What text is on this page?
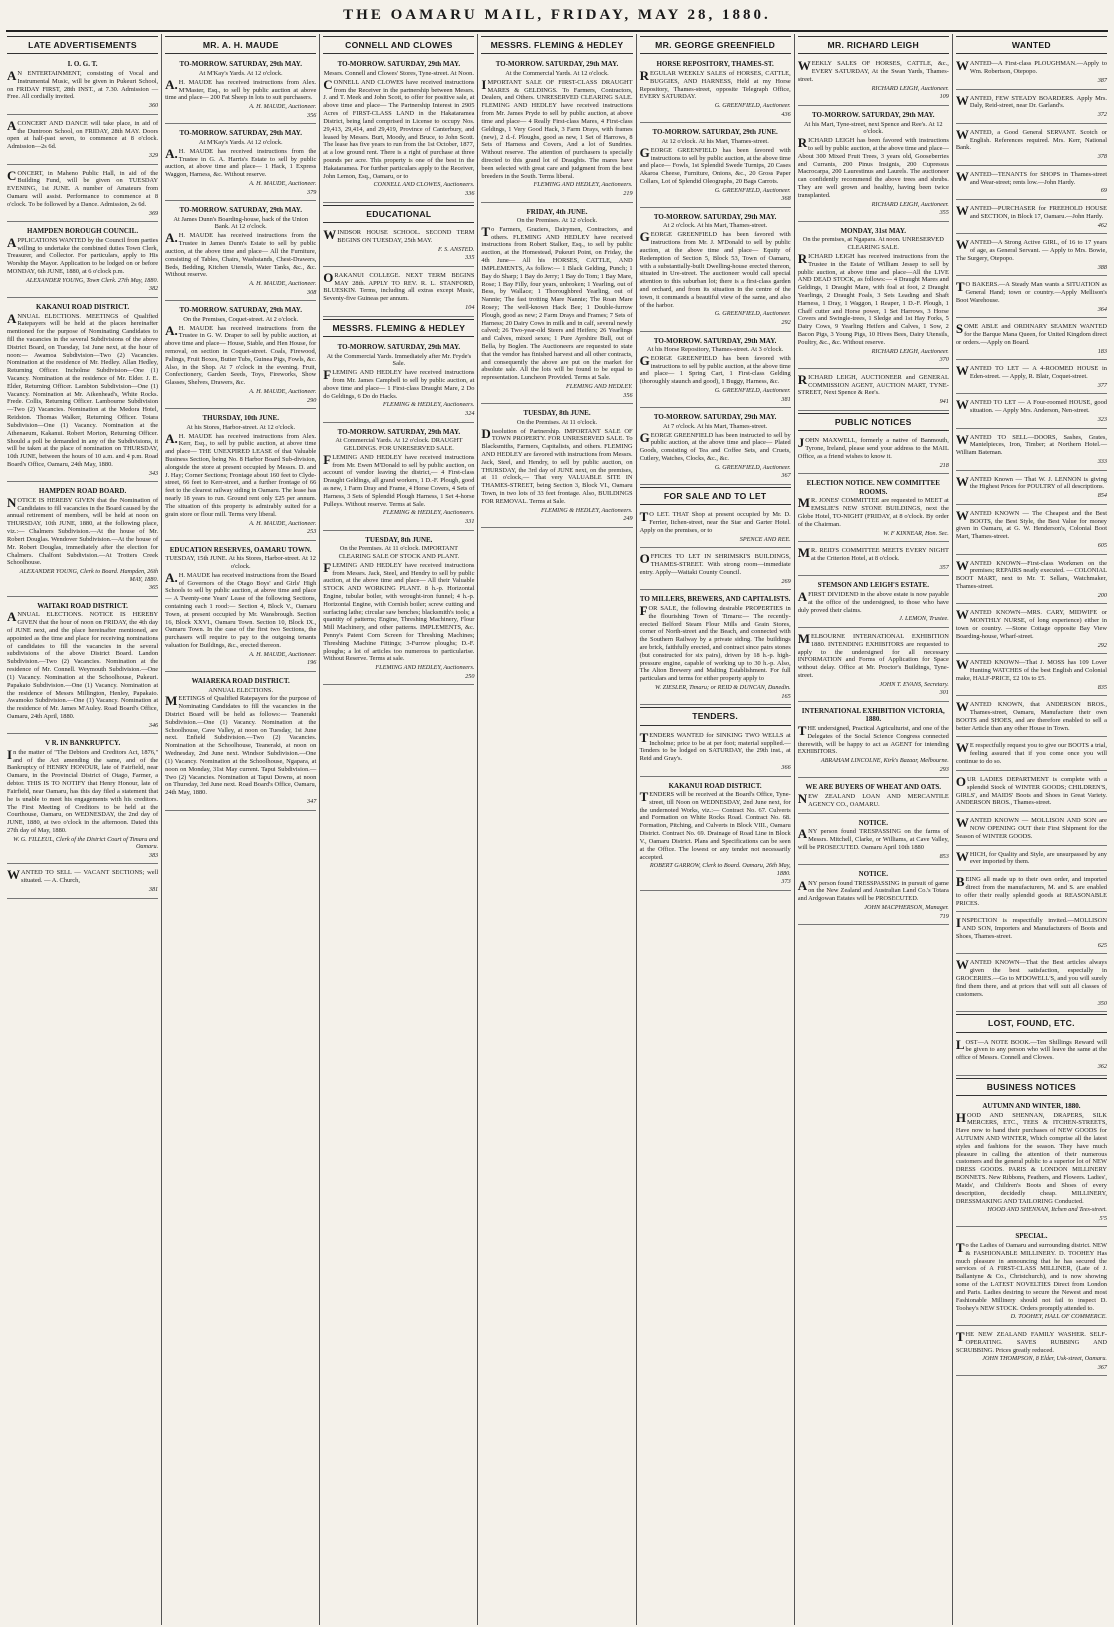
THE OAMARU MAIL, FRIDAY, MAY 28, 1880.
LATE ADVERTISEMENTS
I. O. G. T.
AN ENTERTAINMENT, consisting of Vocal and Instrumental Music, will be given in Pukeuri School, on FRIDAY FIRST, 28th INST., at 7.30. Admission — Free. All cordially invited.
360
ACONCERT AND DANCE will take place, in aid of the Duntroon School, on FRIDAY, 28th MAY. Doors open at half-past seven, to commence at 8 o'clock. Admission—2s 6d.
329
CONCERT, in Maheno Public Hall, in aid of the Building Fund, will be given on TUESDAY EVENING, 1st JUNE. A number of Amateurs from Oamaru will assist. Performance to commence at 8 o'clock. To be followed by a Dance. Admission, 2s 6d.
369
HAMPDEN BOROUGH COUNCIL.
APPLICATIONS WANTED by the Council from parties willing to undertake the combined duties Town Clerk, Treasurer, and Collector. For particulars, apply to His Worship the Mayor. Application to be lodged on or before MONDAY, 6th JUNE, 1880, at 6 o'clock p.m.
ALEXANDER YOUNG, Town Clerk. 27th May, 1880.
382
KAKANUI ROAD DISTRICT.
ANNUAL ELECTIONS. MEETINGS of Qualified Ratepayers will be held at the places hereinafter mentioned for the purpose of Nominating Candidates to fill the vacancies in the several Subdivisions of the above District Board, on Tuesday, 1st June next, at the hour of noon:— Awamoa Subdivision—Two (2) Vacancies. Nomination at the residence of Mr. Hedley. Allan Hedley, Returning Officer. Incholme Subdivision—One (1) Vacancy. Nomination at the residence of Mr. Elder. J. E. Elder, Returning Officer. Lambton Subdivision—One (1) Vacancy. Nomination at Mr. Aikenhead's, White Rocks. Frede. Collis, Returning Officer. Lambourne Subdivision—Two (2) Vacancies. Nomination at the Medora Hotel, Reidston. Thomas Walker, Returning Officer. Totara Subdivision—One (1) Vacancy. Nomination at the Athenaeum, Kakanui. Robert Morton, Returning Officer. Should a poll be demanded in any of the Subdivisions, it will be taken at the place of nomination on THURSDAY, 10th JUNE, between the hours of 10 a.m. and 4 p.m. Road Board's Office, Oamaru, 24th May, 1880.
343
HAMPDEN ROAD BOARD.
NOTICE IS HEREBY GIVEN that the Nomination of Candidates to fill vacancies in the Board caused by the annual retirement of members, will be held at noon on THURSDAY, 10th JUNE, 1880, at the following place, viz.:— Chalmers Subdivision.—At the house of Mr. Robert Douglas. Wendover Subdivision.—At the house of Mr. Robert Douglas, immediately after the election for Chalmers. Chalfont Subdivision.—At Trotters Creek Schoolhouse.
ALEXANDER YOUNG, Clerk to Board. Hampden, 26th MAY, 1880.
365
WAITAKI ROAD DISTRICT.
ANNUAL ELECTIONS. NOTICE IS HEREBY GIVEN that the hour of noon on FRIDAY, the 4th day of JUNE next, and the place hereinafter mentioned, are appointed as the time and place for receiving nominations of candidates to fill the vacancies in the several subdivisions of the above District Board. Landon Subdivision.—Two (2) Vacancies. Nomination at the residence of Mr. Connell. Weymouth Subdivision.—One (1) Vacancy. Nomination at the Schoolhouse, Pukeuri. Papakaio Subdivision.—One (1) Vacancy. Nomination at the residence of Messrs Millington, Henley, Papakaio. Awamoko Subdivision.—One (1) Vacancy. Nomination at the residence of Mr. James M'Auley. Road Board's Office, Oamaru, 24th April, 1880.
346
V R. IN BANKRUPTCY.
In the matter of "The Debtors and Creditors Act, 1876," and of the Act amending the same, and of the Bankruptcy of HENRY HONOUR, late of Fairfield, near Oamaru, in the Provincial District of Otago, Farmer, a debtor. THIS IS TO NOTIFY that Henry Honour, late of Fairfield, near Oamaru, has this day filed a statement that he is unable to meet his engagements with his creditors. The First Meeting of Creditors to be held at the Courthouse, Oamaru, on WEDNESDAY, the 2nd day of JUNE, 1880, at two o'clock in the afternoon. Dated this 27th day of May, 1880.
W. G. FILLEUL, Clerk of the District Court of Timaru and Oamaru.
383
WANTED TO SELL — VACANT SECTIONS; well situated. — A. Church,
381
MR. A. H. MAUDE
TO-MORROW. SATURDAY, 29th MAY.
At M'Kay's Yards. At 12 o'clock.
A.H. MAUDE has received instructions from Alex. M'Master, Esq., to sell by public auction at above time and place— 200 Fat Sheep in lots to suit purchasers.
A. H. MAUDE, Auctioneer.
356
TO-MORROW. SATURDAY, 29th MAY.
At M'Kay's Yards. At 12 o'clock.
A.H. MAUDE has received instructions from the Trustee in G. A. Harris's Estate to sell by public auction, at above time and place— 1 Hack, 1 Express Waggon, Harness, &c. Without reserve.
A. H. MAUDE, Auctioneer.
379
TO-MORROW. SATURDAY, 29th MAY.
At James Dunn's Boarding-house, back of the Union Bank. At 12 o'clock.
A.H. MAUDE has received instructions from the Trustee in James Dunn's Estate to sell by public auction, at the above time and place— All the Furniture, consisting of Tables, Chairs, Washstands, Chest-Drawers, Beds, Bedding, Kitchen Utensils, Water Tanks, &c., &c. Without reserve.
A. H. MAUDE, Auctioneer.
308
TO-MORROW. SATURDAY, 29th MAY.
On the Premises, Coquet-street. At 2 o'clock.
A.H. MAUDE has received instructions from the Trustee in G. W. Draper to sell by public auction, at above time and place— House, Stable, and Hen House, for removal, on section in Coquet-street. Coals, Firewood, Palings, Fruit Boxes, Butter Tubs, Guinea Pigs, Fowls, &c. Also, in the Shop. At 7 o'clock in the evening. Fruit, Confectionery, Garden Seeds, Toys, Fireworks, Show Glasses, Shelves, Drawers, &c.
A. H. MAUDE, Auctioneer.
290
THURSDAY, 10th JUNE.
At his Stores, Harbor-street. At 12 o'clock.
A.H. MAUDE has received instructions from Alex. Kerr, Esq., to sell by public auction, at above time and place— THE UNEXPIRED LEASE of that Valuable Business Section, being No. 8 Harbor Board Sub-division, alongside the store at present occupied by Messrs. D. and J. Hay; Corner Sections; Frontage about 160 feet to Clyde-street, 66 feet to Kerr-street, and a further frontage of 66 feet to the clearest railway siding in Oamaru. The lease has nearly 18 years to run. Ground rent only £25 per annum. The situation of this property is admirably suited for a grain store or flour mill. Terms very liberal.
A. H. MAUDE, Auctioneer.
253
EDUCATION RESERVES, OAMARU TOWN.
TUESDAY, 15th JUNE. At his Stores, Harbor-street. At 12 o'clock.
A.H. MAUDE has received instructions from the Board of Governors of the Otago Boys' and Girls' High Schools to sell by public auction, at above time and place— A Twenty-one Years' Lease of the following Sections, containing each 1 rood:— Section 4, Block V., Oamaru Town, at present occupied by Mr. Wansbrough. Section 16, Block XXVI., Oamaru Town. Section 10, Block IX., Oamaru Town. In the case of the first two Sections, the purchasers will require to pay to the outgoing tenants valuation for Buildings, &c., erected thereon.
A. H. MAUDE, Auctioneer.
196
WAIAREKA ROAD DISTRICT.
ANNUAL ELECTIONS.
MEETINGS of Qualified Ratepayers for the purpose of Nominating Candidates to fill the vacancies in the District Board will be held as follows:— Teaneraki Subdivision.—One (1) Vacancy. Nomination at the Schoolhouse, Cave Valley, at noon on Tuesday, 1st June next. Enfield Subdivision.—Two (2) Vacancies. Nomination at the Schoolhouse, Teaneraki, at noon on Wednesday, 2nd June next. Windsor Subdivision.—One (1) Vacancy. Nomination at the Schoolhouse, Ngapara, at noon on Monday, 31st May current. Tapui Subdivision.—Two (2) Vacancies. Nomination at Tapui Downs, at noon on Thursday, 3rd June next. Road Board's Office, Oamaru, 24th May, 1880.
347
CONNELL AND CLOWES
TO-MORROW. SATURDAY, 29th MAY.
Messrs. Connell and Clowes' Stores, Tyne-street. At Noon.
CONNELL AND CLOWES have received instructions from the Receiver in the partnership between Messrs. J. and T. Meek and John Scott, to offer for positive sale, at above time and place— The Partnership Interest in 2905 Acres of FIRST-CLASS LAND in the Hakataramea District, being land comprised in License to occupy Nos. 29,413, 29,414, and 29,419, Province of Canterbury, and leased by Messrs. Burt, Moody, and Bruce, to John Scott. The lease has five years to run from the 1st October, 1877, at a low ground rent. There is a right of purchase at three pounds per acre. This property is one of the best in the Hakataramea. For further particulars apply to the Receiver, John Lemon, Esq., Oamaru, or to
CONNELL AND CLOWES, Auctioneers.
336
EDUCATIONAL
WINDSOR HOUSE SCHOOL. SECOND TERM BEGINS ON TUESDAY, 25th MAY.
F. S. ANSTED.
335
ORAKANUI COLLEGE. NEXT TERM BEGINS MAY 28th. APPLY TO REV. R. L. STANFORD, BLUESKIN. Terms, including all extras except Music, Seventy-five Guineas per annum.
104
MESSRS. FLEMING & HEDLEY
TO-MORROW. SATURDAY, 29th MAY.
At the Commercial Yards. Immediately after Mr. Fryde's Sale.
FLEMING AND HEDLEY have received instructions from Mr. James Campbell to sell by public auction, at above time and place— 1 First-class Draught Mare, 2 Do do Geldings, 6 Do do Hacks.
FLEMING & HEDLEY, Auctioneers.
324
TO-MORROW. SATURDAY, 29th MAY.
At Commercial Yards. At 12 o'clock. DRAUGHT GELDINGS. FOR UNRESERVED SALE.
FLEMING AND HEDLEY have received instructions from Mr. Ewen M'Donald to sell by public auction, on account of vendor leaving the district,— 4 First-class Draught Geldings, all grand workers, 1 D.-F. Plough, good as new, 1 Farm Dray and Frame, 4 Horse Covers, 4 Sets of Harness, 3 Sets of Splendid Plough Harness, 1 Set 4-horse Pulleys. Without reserve. Terms at Sale.
FLEMING & HEDLEY, Auctioneers.
331
TUESDAY, 8th JUNE.
On the Premises. At 11 o'clock. IMPORTANT CLEARING SALE OF STOCK AND PLANT.
FLEMING AND HEDLEY have received instructions from Messrs. Jack, Steel, and Hendry to sell by public auction, at the above time and place— All their Valuable STOCK AND WORKING PLANT. 8 h.-p. Horizontal Engine, tubular boiler, with wrought-iron funnel; 4 h.-p. Horizontal Engine, with Cornish boiler; screw cutting and surfacing lathe; circular saw benches; blacksmith's tools; a quantity of patterns; Engine, Threshing Machinery, Flour Mill Machinery, and other patterns. IMPLEMENTS, &c. Penny's Patent Corn Screen for Threshing Machines; Threshing Machine Fittings; 3-Furrow ploughs; D.-F. ploughs; a lot of articles too numerous to particularise. Without Reserve. Terms at sale.
FLEMING AND HEDLEY, Auctioneers.
250
MESSRS. FLEMING & HEDLEY
TO-MORROW. SATURDAY, 29th MAY.
At the Commercial Yards. At 12 o'clock.
IMPORTANT SALE OF FIRST-CLASS DRAUGHT MARES & GELDINGS. To Farmers, Contractors, Dealers, and Others. UNRESERVED CLEARING SALE. FLEMING AND HEDLEY have received instructions from Mr. James Pryde to sell by public auction, at above time and place— 4 Really First-class Mares, 4 First-class Geldings, 1 Very Good Hack, 3 Farm Drays, with frames (new), 2 d.-f. Ploughs, good as new, 1 Set of Harrows, 8 Sets of Harness and Covers, And a lot of Sundries. Without reserve. The attention of purchasers is specially directed to this grand lot of Draughts. The mares have been selected with great care and judgment from the best breeders in the South. Terms liberal.
FLEMING AND HEDLEY, Auctioneers.
219
FRIDAY, 4th JUNE.
On the Premises. At 12 o'clock.
To Farmers, Graziers, Dairymen, Contractors, and others. FLEMING AND HEDLEY have received instructions from Robert Stalker, Esq., to sell by public auction, at the Homestead, Pukeuri Point, on Friday, the 4th June— All his HORSES, CATTLE, AND IMPLEMENTS, As follow:— 1 Black Gelding, Punch; 1 Bay do Sharp; 1 Bay do Jerry; 1 Bay do Tom; 1 Bay Mare, Rose; 1 Bay Filly, four years, unbroken; 1 Yearling, out of Bess, by Wallace; 1 Thoroughbred Yearling, out of Nannie; The fast trotting Mare Nannie; The Roan Mare Rosey; The well-known Hack Bee; 1 Double-furrow Plough, good as new; 2 Farm Drays and Frames; 7 Sets of Harness; 20 Dairy Cows in milk and in calf, several newly calved; 26 Two-year-old Steers and Heifers; 26 Yearlings and Calves, mixed sexes; 1 Pure Ayrshire Bull, out of Bella, by Boglen. The Auctioneers are requested to state that the vendor has finished harvest and all other contracts, and consequently the above are put on the market for absolute sale. All the lots will be found to be equal to representation. Luncheon Provided. Terms at Sale.
FLEMING AND HEDLEY.
356
TUESDAY, 8th JUNE.
On the Premises. At 11 o'clock.
Dissolution of Partnership. IMPORTANT SALE OF TOWN PROPERTY. FOR UNRESERVED SALE. To Blacksmiths, Farmers, Capitalists, and others. FLEMING AND HEDLEY are favored with instructions from Messrs. Jack, Steel, and Hendry, to sell by public auction, on THURSDAY, the 3rd day of JUNE next, on the premises, at 11 o'clock,— That very VALUABLE SITE IN THAMES-STREET, being Section 3, Block VI., Oamaru Town, in two lots of 33 feet frontage. Also, BUILDINGS FOR REMOVAL. Terms at Sale.
FLEMING & HEDLEY, Auctioneers.
249
MR. GEORGE GREENFIELD
HORSE REPOSITORY, THAMES-ST.
REGULAR WEEKLY SALES of HORSES, CATTLE, BUGGIES, AND HARNESS, Held at my Horse Repository, Thames-street, opposite Telegraph Office, EVERY SATURDAY.
G. GREENFIELD, Auctioneer.
436
TO-MORROW. SATURDAY, 29th JUNE.
At 12 o'clock. At his Mart, Thames-street.
GEORGE GREENFIELD has been favored with instructions to sell by public auction, at the above time and place— Fowls, 1st Splendid Swede Turnips, 20 Cases Akaroa Cheese, Furniture, Onions, &c., 20 Gross Paper Collars, Lot of Splendid Oleographs, 20 Bags Carrots.
G. GREENFIELD, Auctioneer.
368
TO-MORROW. SATURDAY, 29th MAY.
At 2 o'clock. At his Mart, Thames-street.
GEORGE GREENFIELD has been favored with instructions from Mr. J. M'Donald to sell by public auction, at the above time and place— Equity of Redemption of Section 5, Block 53, Town of Oamaru, with a substantially-built Dwelling-house erected thereon, situated in Ure-street. The auctioneer would call special attention to this suburban lot; there is a first-class garden and orchard, and from its situation in the centre of the town, it commands a beautiful view of the same, and also of the harbor.
G. GREENFIELD, Auctioneer.
292
TO-MORROW. SATURDAY, 29th MAY.
At his Horse Repository, Thames-street. At 3 o'clock.
GEORGE GREENFIELD has been favored with instructions to sell by public auction, at the above time and place— 1 Spring Cart, 1 First-class Gelding (thoroughly staunch and good), 1 Buggy, Harness, &c.
G. GREENFIELD, Auctioneer.
381
TO-MORROW. SATURDAY, 29th MAY.
At 7 o'clock. At his Mart, Thames-street.
GEORGE GREENFIELD has been instructed to sell by public auction, at the above time and place— Plated Goods, consisting of Tea and Coffee Sets, and Cruets, Cutlery, Watches, Clocks, &c., &c.
G. GREENFIELD, Auctioneer.
367
FOR SALE AND TO LET
TO LET. THAT Shop at present occupied by Mr. D. Ferrier, Itchen-street, near the Star and Garter Hotel. Apply on the premises, or to
SPENCE AND REE.
OFFICES TO LET IN SHRIMSKI'S BUILDINGS, THAMES-STREET. With strong room—immediate entry. Apply—Waitaki County Council.
269
TO MILLERS, BREWERS, AND CAPITALISTS.
FOR SALE, the following desirable PROPERTIES in the flourishing Town of Timaru:— The recently-erected Belford Steam Flour Mills and Grain Stores, corner of North-street and the Beach, and connected with the Southern Railway by a private siding. The buildings are brick, faithfully erected, and contract since pairs stones (but constructed for six pairs), driven by 18 h.-p. high-pressure engine, capable of working up to 30 h.-p. Also, The Alton Brewery and Malting Establishment. For full particulars and terms for either property apply to
W. ZIESLER, Timaru; or REID & DUNCAN, Dunedin.
165
TENDERS.
TENDERS WANTED for SINKING TWO WELLS at Incholme; price to be at per foot; material supplied.—Tenders to be lodged on SATURDAY, the 29th inst., at Reid and Gray's.
366
KAKANUI ROAD DISTRICT.
TENDERS will be received at the Board's Office, Tyne-street, till Noon on WEDNESDAY, 2nd June next, for the undernoted Works, viz.:— Contract No. 67. Culverts and Formation on White Rocks Road. Contract No. 68. Formation, Pitching, and Culverts in Block VIII., Oamaru District. Contract No. 69. Drainage of Road Line in Block V., Oamaru District. Plans and Specifications can be seen at the Office. The lowest or any tender not necessarily accepted.
ROBERT GARROW, Clerk to Board. Oamaru, 26th May, 1880.
373
MR. RICHARD LEIGH
WEEKLY SALES OF HORSES, CATTLE, &c., EVERY SATURDAY, At the Swan Yards, Thames-street.
RICHARD LEIGH, Auctioneer.
109
TO-MORROW. SATURDAY, 29th MAY.
At his Mart, Tyne-street, next Spence and Ree's. At 12 o'clock.
RICHARD LEIGH has been favored with instructions to sell by public auction, at the above time and place— About 300 Mixed Fruit Trees, 3 years old, Gooseberries and Currants, 200 Pinus Insignis, 200 Cupressus Macrocarpa, 200 Laurestinus and Laurels. The auctioneer can confidently recommend the above trees and shrubs. They are well grown and healthy, having been twice transplanted.
RICHARD LEIGH, Auctioneer.
355
MONDAY, 31st MAY.
On the premises, at Ngapara. At noon. UNRESERVED CLEARING SALE.
RICHARD LEIGH has received instructions from the Trustee in the Estate of William Jessep to sell by public auction, at above time and place—All the LIVE AND DEAD STOCK, as follows:— 4 Draught Mares and Geldings, 1 Draught Mare, with foal at foot, 2 Draught Yearlings, 2 Draught Foals, 3 Sets Leading and Shaft Harness, 1 Dray, 1 Waggon, 1 Reaper, 1 D.-F. Plough, 1 Chaff cutter and Horse power, 1 Set Harrows, 3 Horse Covers and Swingle-trees, 1 Sledge and 1st Hay Forks, 5 Dairy Cows, 9 Yearling Heifers and Calves, 1 Sow, 2 Bacon Pigs, 3 Young Pigs, 10 Hives Bees, Dairy Utensils, Poultry, &c., &c. Without reserve.
RICHARD LEIGH, Auctioneer.
370
RICHARD LEIGH, AUCTIONEER and GENERAL COMMISSION AGENT, AUCTION MART, TYNE-STREET, Next Spence & Ree's.
941
PUBLIC NOTICES
JOHN MAXWELL, formerly a native of Banmouth, Tyrone, Ireland, please send your address to the MAIL Office, as a friend wishes to know it.
218
ELECTION NOTICE. NEW COMMITTEE ROOMS.
MR. JONES' COMMITTEE are requested to MEET at EMSLIE'S NEW STONE BUILDINGS, next the Globe Hotel, TO-NIGHT (FRIDAY, at 8 o'clock. By order of the Chairman.
W. F KINNEAR, Hon. Sec.
MR. REID'S COMMITTEE MEETS EVERY NIGHT at the Criterion Hotel, at 8 o'clock.
357
STEMSON AND LEIGH'S ESTATE.
AFIRST DIVIDEND in the above estate is now payable at the office of the undersigned, to those who have duly proved their claims.
J. LEMON, Trustee.
MELBOURNE INTERNATIONAL EXHIBITION 1880. INTENDING EXHIBITORS are requested to apply to the undersigned for all necessary INFORMATION and Forms of Application for Space without delay. Office at Mr. Proctor's Buildings, Tyne-street.
JOHN T. EVANS, Secretary.
301
INTERNATIONAL EXHIBITION VICTORIA, 1880.
THE undersigned, Practical Agriculturist, and one of the Delegates of the Social Science Congress connected therewith, will be happy to act as AGENT for intending EXHIBITORS.
ABRAHAM LINCOLNE, Kirk's Bazaar, Melbourne.
293
WE ARE BUYERS OF WHEAT AND OATS.
NEW ZEALAND LOAN AND MERCANTILE AGENCY CO., OAMARU.
NOTICE.
ANY person found TRESPASSING on the farms of Messrs. Mitchell, Clarke, or Williams, at Cave Valley, will be PROSECUTED. Oamaru April 10th 1880
853
NOTICE.
ANY person found TRESSPASSING in pursuit of game on the New Zealand and Australian Land Co.'s Totara and Ardgowan Estates will be PROSECUTED.
JOHN MACPHERSON, Manager.
719
WANTED
WANTED—A First-class PLOUGHMAN.—Apply to Wm. Robertson, Otepopo.
387
WANTED, FEW STEADY BOARDERS. Apply Mrs. Daly, Reid-street, near Dr. Garland's.
372
WANTED, a Good General SERVANT. Scotch or English. References required. Mrs. Kerr, National Bank.
378
WANTED—TENANTS for SHOPS in Thames-street and Wear-street; rents low.—John Hardy.
69
WANTED—PURCHASER for FREEHOLD HOUSE and SECTION, in Block 17, Oamaru.—John Hardy.
462
WANTED—A Strong Active GIRL, of 16 to 17 years of age, as General Servant. — Apply to Mrs. Bowie, The Surgery, Otepopo.
388
TO BAKERS.—A Steady Man wants a SITUATION as General Hand; town or country.—Apply Mellison's Boot Warehouse.
364
SOME ABLE and ORDINARY SEAMEN WANTED for the Barque Mana Queen, for United Kingdom direct or orders.—Apply on Board.
183
WANTED TO LET — A 4-ROOMED HOUSE in Eden-street. — Apply, R. Blair, Coquet-street.
377
WANTED TO LET — A Four-roomed HOUSE, good situation. — Apply Mrs. Anderson, Nen-street.
323
WANTED TO SELL—DOORS, Sashes, Grates, Mantelpieces, Iron, Timber; at Northern Hotel.—William Bateman.
333
WANTED Known — That W. J. LENNON is giving the Highest Prices for POULTRY of all descriptions.
854
WANTED KNOWN — The Cheapest and the Best BOOTS, the Best Style, the Best Value for money given in Oamaru, at G. W. Henderson's, Colonial Boot Mart, Thames-street.
605
WANTED KNOWN—First-class Workmen on the premises; REPAIRS neatly executed. — COLONIAL BOOT MART, next to Mr. T. Sellars, Watchmaker, Thames-street.
200
WANTED KNOWN—MRS. CARY, MIDWIFE or MONTHLY NURSE, of long experience) either in town or country. —Stone Cottage opposite Bay View Boarding-house, Wharf-street.
292
WANTED KNOWN—That J. MOSS has 109 Lover Hunting WATCHES of the best English and Colonial make, HALF-PRICE, £2 10s to £5.
835
WANTED KNOWN, that ANDERSON BROS., Thames-street, Oamaru, Manufacture their own BOOTS and SHOES, and are therefore enabled to sell a better Article than any other House in Town.
WE respectfully request you to give our BOOTS a trial, feeling assured that if you come once you will continue to do so.
OUR LADIES DEPARTMENT is complete with a splendid Stock of WINTER GOODS; CHILDREN'S, GIRLS', and MAIDS' Boots and Shoes in Great Variety. ANDERSON BROS., Thames-street.
WANTED KNOWN — MOLLISON AND SON are NOW OPENING OUT their First Shipment for the Season of WINTER GOODS.
WHICH, for Quality and Style, are unsurpassed by any ever imported by them.
BEING all made up to their own order, and imported direct from the manufacturers, M. and S. are enabled to offer their really splendid goods at REASONABLE PRICES.
INSPECTION is respectfully invited.—MOLLISON AND SON, Importers and Manufacturers of Boots and Shoes, Thames-street.
625
WANTED KNOWN—That the Best articles always given the best satisfaction, especially in GROCERIES.—Go to M'DOWELL'S, and you will surely find them there, and at prices that will suit all classes of customers.
350
LOST, FOUND, ETC.
LOST—A NOTE BOOK.—Ten Shillings Reward will be given to any person who will leave the same at the office of Messrs. Connell and Clowes.
362
BUSINESS NOTICES
AUTUMN AND WINTER, 1880.
HOOD AND SHENNAN, DRAPERS, SILK MERCERS, ETC., TEES & ITCHEN-STREETS, Have now to hand their purchases of NEW GOODS for AUTUMN AND WINTER, Which comprise all the latest styles and fashions for the season. They have much pleasure in calling the attention of their numerous customers and the general public to a superior lot of NEW DRESS GOODS. PARIS & LONDON MILLINERY BONNETS. New Ribbons, Feathers, and Flowers. Ladies', Maids', and Children's Boots and Shoes of every description, decidedly cheap. MILLINERY, DRESSMAKING AND TAILORING Conducted.
HOOD AND SHENNAN, Itchen and Tees-street.
5'5
SPECIAL.
To the Ladies of Oamaru and surrounding district. NEW & FASHIONABLE MILLINERY. D. TOOHEY Has much pleasure in announcing that he has secured the services of A FIRST-CLASS MILLINER, (Late of J. Ballantyne & Co., Christchurch), and is now showing some of the LATEST NOVELTIES Direct from London and Paris. Ladies desiring to secure the Newest and most Fashionable Millinery should not fail to inspect D. Toohey's NEW STOCK. Orders promptly attended to.
D. TOOHEY, HALL OF COMMERCE.
THE NEW ZEALAND FAMILY WASHER. SELF-OPERATING. SAVES RUBBING AND SCRUBBING. Prices greatly reduced.
JOHN THOMPSON, 8 Elder, Usk-street, Oamaru.
367
